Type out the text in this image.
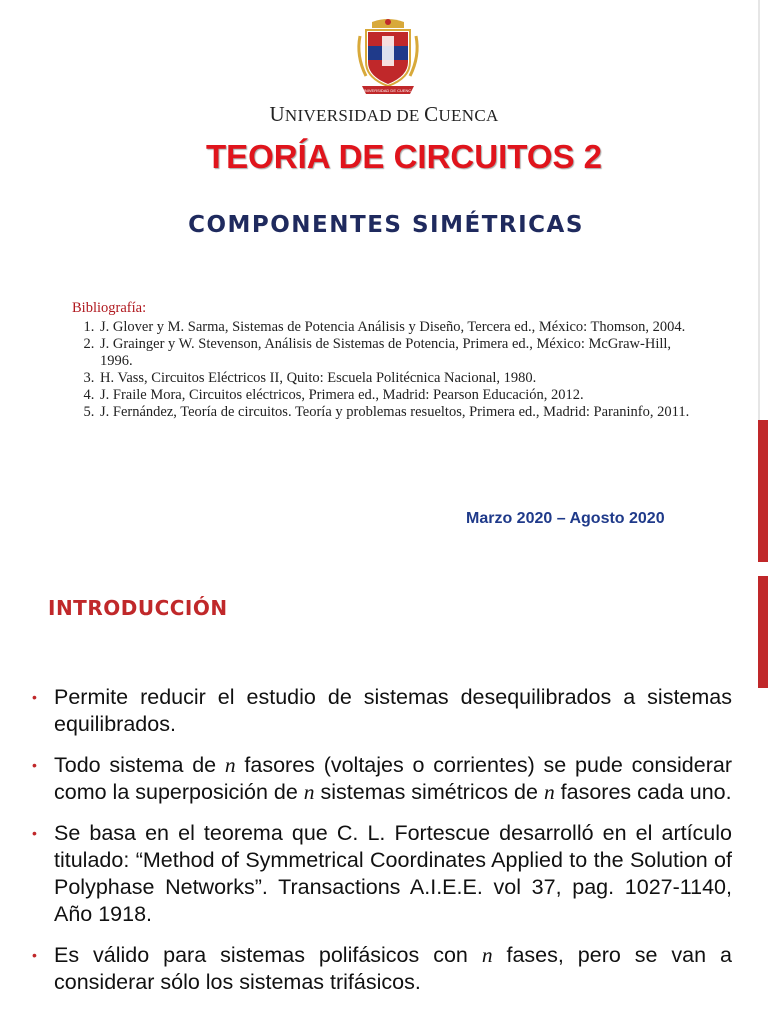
UNIVERSIDAD DE CUENCA
UNIVERSIDAD DE CUENCA
TEORÍA DE CIRCUITOS 2
COMPONENTES SIMÉTRICAS
Bibliografía:
1. J. Glover y M. Sarma, Sistemas de Potencia Análisis y Diseño, Tercera ed., México: Thomson, 2004.
2. J. Grainger y W. Stevenson, Análisis de Sistemas de Potencia, Primera ed., México: McGraw-Hill, 1996.
3. H. Vass, Circuitos Eléctricos II, Quito: Escuela Politécnica Nacional, 1980.
4. J. Fraile Mora, Circuitos eléctricos, Primera ed., Madrid: Pearson Educación, 2012.
5. J. Fernández, Teoría de circuitos. Teoría y problemas resueltos, Primera ed., Madrid: Paraninfo, 2011.
Marzo 2020 – Agosto 2020
INTRODUCCIÓN
• Permite reducir el estudio de sistemas desequilibrados a sistemas equilibrados.
• Todo sistema de n fasores (voltajes o corrientes) se pude considerar como la superposición de n sistemas simétricos de n fasores cada uno.
• Se basa en el teorema que C. L. Fortescue desarrolló en el artículo titulado: “Method of Symmetrical Coordinates Applied to the Solution of Polyphase Networks”. Transactions A.I.E.E. vol 37, pag. 1027-1140, Año 1918.
• Es válido para sistemas polifásicos con n fases, pero se van a considerar sólo los sistemas trifásicos.
